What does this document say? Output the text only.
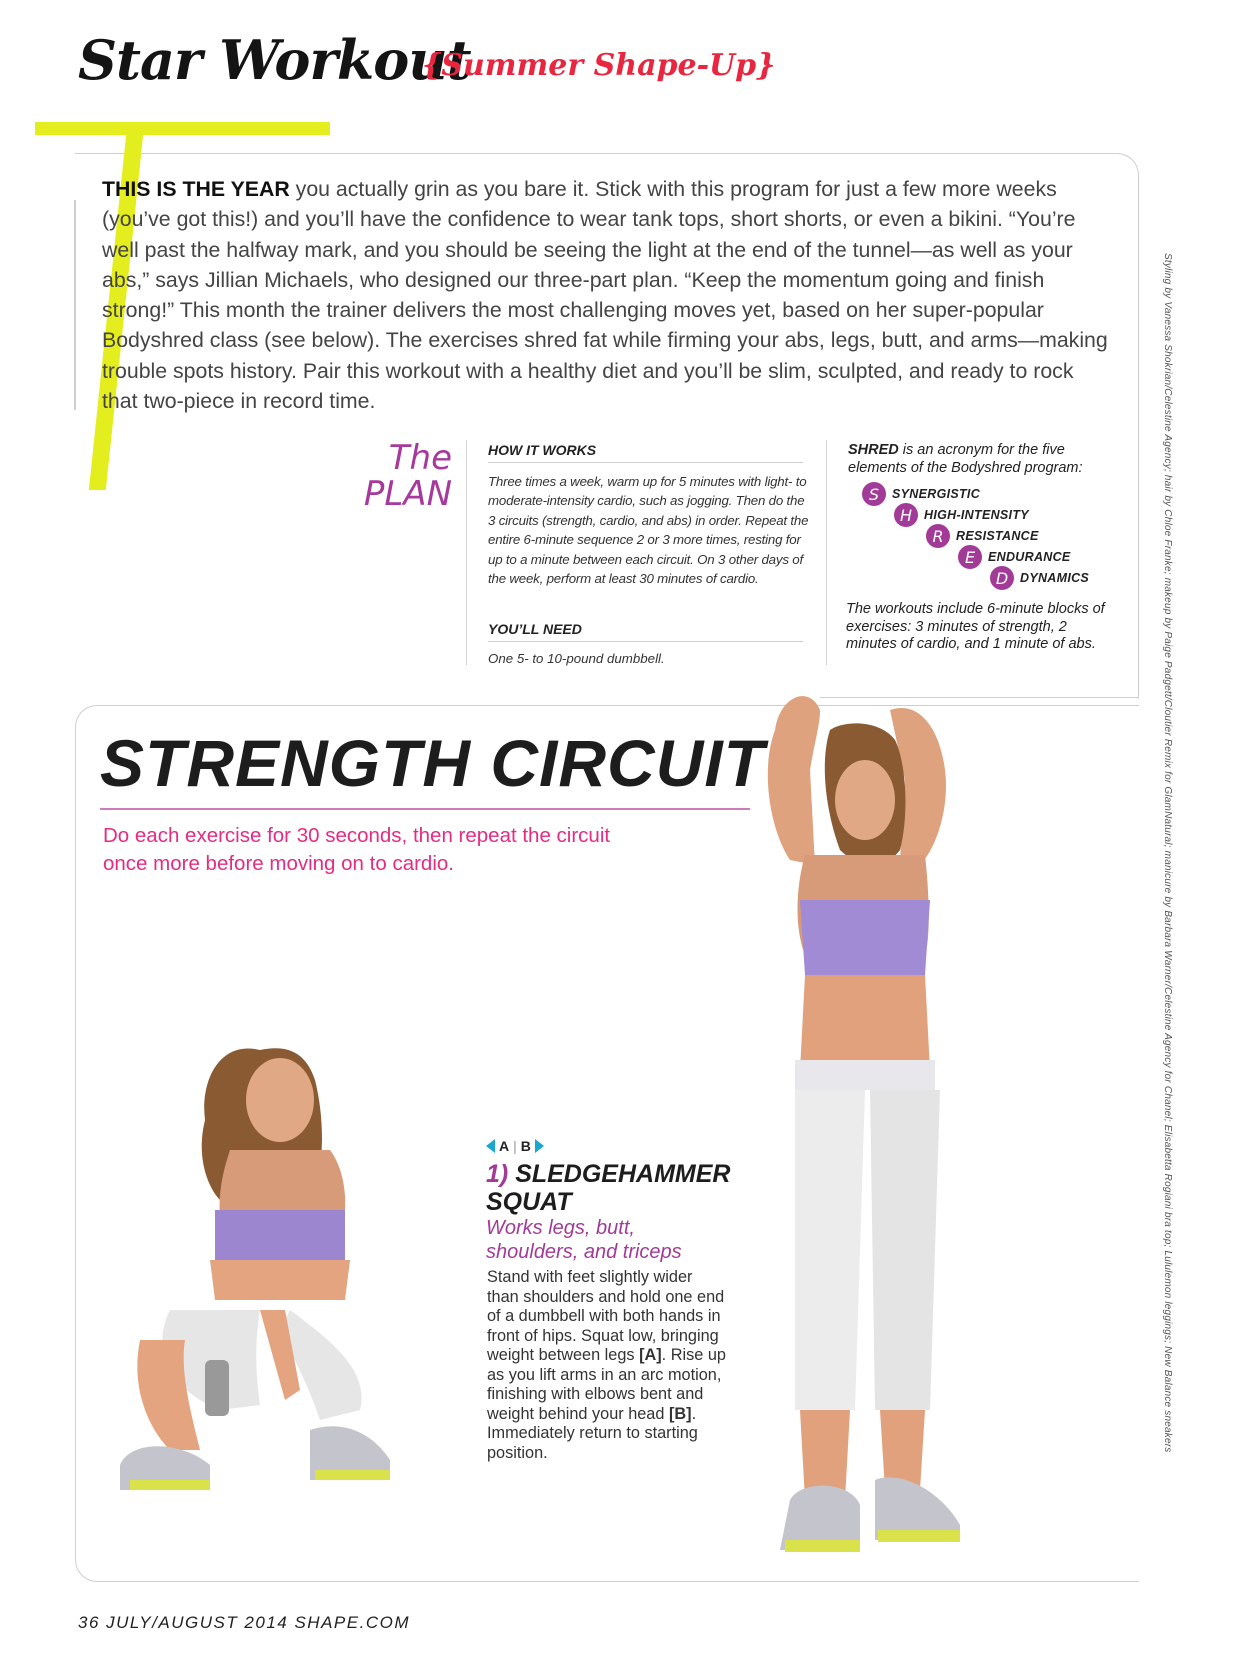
Star Workout
{Summer Shape-Up}
THIS IS THE YEAR you actually grin as you bare it. Stick with this program for just a few more weeks (you’ve got this!) and you’ll have the confidence to wear tank tops, short shorts, or even a bikini. “You’re well past the halfway mark, and you should be seeing the light at the end of the tunnel—as well as your abs,” says Jillian Michaels, who designed our three-part plan. “Keep the momentum going and finish strong!” This month the trainer delivers the most challenging moves yet, based on her super-popular Bodyshred class (see below). The exercises shred fat while firming your abs, legs, butt, and arms—making trouble spots history. Pair this workout with a healthy diet and you’ll be slim, sculpted, and ready to rock that two-piece in record time.
The
PLAN
HOW IT WORKS
Three times a week, warm up for 5 minutes with light- to moderate-intensity cardio, such as jogging. Then do the 3 circuits (strength, cardio, and abs) in order. Repeat the entire 6-minute sequence 2 or 3 more times, resting for up to a minute between each circuit. On 3 other days of the week, perform at least 30 minutes of cardio.
YOU’LL NEED
One 5- to 10-pound dumbbell.
SHRED is an acronym for the five elements of the Bodyshred program:
S	SYNERGISTIC
H HIGH-INTENSITY
R RESISTANCE
E	ENDURANCE
D DYNAMICS
The workouts include 6-minute blocks of exercises: 3 minutes of strength, 2 minutes of cardio, and 1 minute of abs.
STRENGTH CIRCUIT
Do each exercise for 30 seconds, then repeat the circuit once more before moving on to cardio.
A | B
1) SLEDGEHAMMER SQUAT
Works legs, butt, shoulders, and triceps
Stand with feet slightly wider than shoulders and hold one end of a dumbbell with both hands in front of hips. Squat low, bringing weight between legs [A]. Rise up as you lift arms in an arc motion, finishing with elbows bent and weight behind your head [B]. Immediately return to starting position.
36 JULY/AUGUST 2014 SHAPE.COM
Styling by Vanessa Shokrian/Celestine Agency; hair by Chloe Franke; makeup by Paige Padgett/Cloutier Remix for GlamNatural; manicure by Barbara Warner/Celestine Agency for Chanel; Elisabetta Rogiani bra top; Lululemon leggings; New Balance sneakers
